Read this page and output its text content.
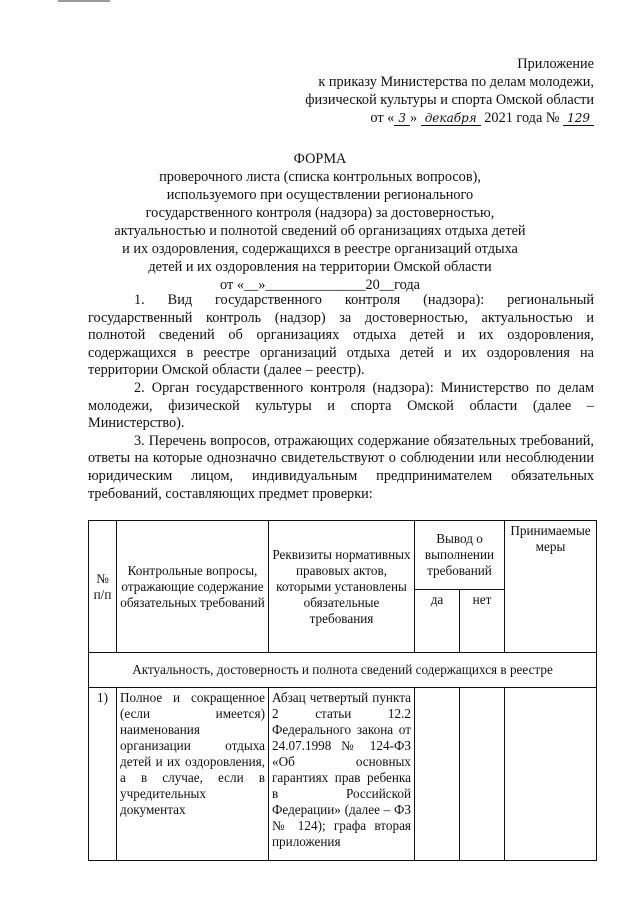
Приложение
к приказу Министерства по делам молодежи,
физической культуры и спорта Омской области
от « 3 » декабря 2021 года № 129
ФОРМА
проверочного листа (списка контрольных вопросов),
используемого при осуществлении регионального
государственного контроля (надзора) за достоверностью,
актуальностью и полнотой сведений об организациях отдыха детей
и их оздоровления, содержащихся в реестре организаций отдыха
детей и их оздоровления на территории Омской области
от «__»______________20__года

1. Вид государственного контроля (надзора): региональный государственный контроль (надзор) за достоверностью, актуальностью и полнотой сведений об организациях отдыха детей и их оздоровления, содержащихся в реестре организаций отдыха детей и их оздоровления на территории Омской области (далее – реестр).

2. Орган государственного контроля (надзора): Министерство по делам молодежи, физической культуры и спорта Омской области (далее – Министерство).

3. Перечень вопросов, отражающих содержание обязательных требований, ответы на которые однозначно свидетельствуют о соблюдении или несоблюдении юридическим лицом, индивидуальным предпринимателем обязательных требований, составляющих предмет проверки:

№ п/п	Контрольные вопросы, отражающие содержание обязательных требований	Реквизиты нормативных правовых актов, которыми установлены обязательные требования	Вывод о выполнении требований		Принимаемые меры
			да	нет	
Актуальность, достоверность и полнота сведений содержащихся в реестре					
1)	Полное и сокращенное (если имеется) наименования организации отдыха детей и их оздоровления, а в случае, если в учредительных документах	Абзац четвертый пункта 2 статьи 12.2 Федерального закона от 24.07.1998 № 124-ФЗ «Об основных гарантиях прав ребенка в Российской Федерации» (далее – ФЗ № 124); графа вторая приложения			
